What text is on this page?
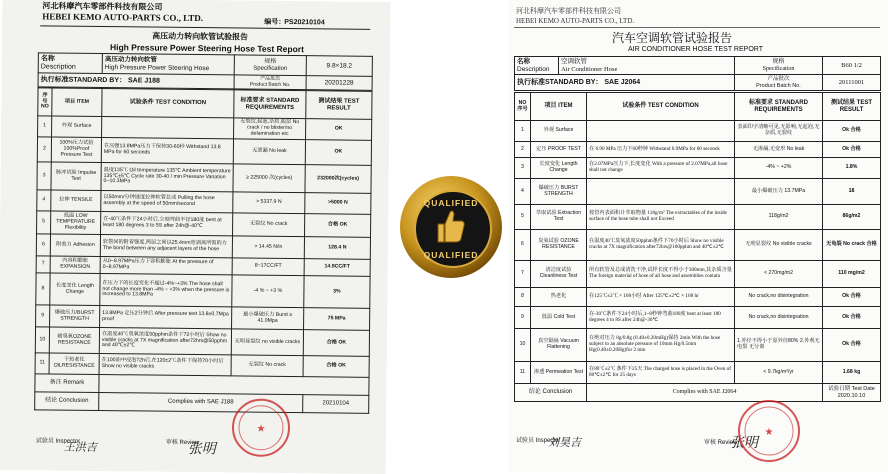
河北科摩汽车零部件科技有限公司
HEBEI KEMO AUTO-PARTS CO., LTD.	编号：
PS20210104
高压动力转向软管试验报告
High Pressure Power Steering Hose Test Report
名称
Description	高压动力转向软管
High Pressure Power Steering Hose	规格
Specification	9.8×18.2
执行标准STANDARD BY： SAE J188		产品批次
Product Batch No.	20201228
序号 NO	项目 ITEM	试验条件 TEST CONDITION	标准要求 STANDARD REQUIREMENTS	测试结果 TEST RESULT
1	外观 Surface		无裂纹,起泡,杂质,脱层 No crack / no blister/no delamination etc	OK
2	100%压力试验 100%Proof Pressure Test	在压强13.8MPa压力下保持30-60秒 Withstand 13.8 MPa for 60 seconds	无泄漏 No leak	OK
3	脉冲试验 Impulse Test	温度135℃ Oil temperature 135℃ Ambient temperature 135℃±5℃ Cycle rate 30-40 / min Pressure Variation 0~10.3MPa	≥ 225000 次(cycles)	232000次(cycles)
4	拉伸 TENSILE	以50mm/分钟速度拉伸软管总成 Pulling the hose assembly at the speed of 50mm/second	> 5337.9 N	>5000 N
5	低温 LOW TEMPERATURE Flexibility	在-40℃条件下24小时后,立刻弯曲半径180度 bent at least 180 degrees 3 to 5S after 24h@-40℃	无裂纹 No crack	合格 OK
6	附着力 Adhesion	软管间的附着强度,两层之间以25.4mm宽剥离所需的力 The bond between any adjacent layers of the hose	> 14.45 N/in	128.4 N
7	内容积膨胀 EXPANSION	从0~8.97MPa压力下容积膨胀 At the pressure of 0~8.97MPa	8~17CC/FT	14.9CC/FT
8	长度变化 Length Change	在压力下的长度变化不超过-4%~+3% The hose shall not change more than -4% ~ +3% when the pressure is increased to 13.8MPa	-4 % ~ +3 %	3%
9	爆破压力/BURST STRENGTH	13.8MPa 定压2分钟后 After pressure test 13.8±0.7Mpa proof	最小爆破压力 Burst ≥ 41.0Mpa	75 MPa
10	耐臭氧OZONE RESISTANCE	在温度40℃臭氧浓度50pphm条件下72小时后 Show no visible cracks at 7X magnification after72hrs@50pphm and 40℃±2℃	无明显裂纹 no visible cracks	合格 OK
11	干热老化 OILRESISTANCE	在100油中浸泡72h后,在120±2℃条件下保持70小时后 Show no visible cracks	无裂纹 No crack	合格 OK
备注 Remark				
结论 Conclusion		Complies with SAE J188		20210104
试验员 Inspector
王洪吉	审核 Review
张明
★
QUALIFIED
QUALIFIED
河北科摩汽车零部件科技有限公司
HEBEI KEMO AUTO-PARTS CO., LTD.
汽车空调软管试验报告
AIR CONDITIONER HOSE TEST REPORT
名称
Description	空调软管
Air Conditioner Hose	规格
Specification	B60 1/2
执行标准STANDARD BY： SAE J2064		产品批次
Product Batch No.	20111001
NO 序号	项目 ITEM	试验条件 TEST CONDITION	标准要求 STANDARD REQUIREMENTS	测试结果 TEST RESULT
1	外观 Surface		表面印字清晰可见,无影响,无起泡,无杂质,无裂纹	Ok 合格
2	定压 PROOF TEST	在 6.90 MPa 压力下60秒钟 Withstand 6.9MPa for 60 seconds	无渗漏,无变形 No leak	Ok 合格
3	长度变化 Length Change	在2.07MPa压力下,长度变化 With a pressure of 2.07MPa,all hose shall not change	-4% ~ +2%	1.8%
4	爆破压力 BURST STRENGTH		最小爆破压力 13.7MPa	18
5	萃取试验 Extraction Test	按管内表面积计萃取物量 118g/m² The extractables of the inside surface of the hose tube shall not Exceed	118g/m2	86g/m2
6	臭氧试验 OZONE RESISTANCE	在温度40℃臭氧浓度50pphm条件下70小时后 Show no visible cracks at 7X magnification after72hrs@100pphm and 40℃±2℃	无明显裂纹 No visible cracks	无龟裂 No crack 合格
7	清洁度试验 Cleanliness Test	所有软管及总成清洗干净,试样长度不得小于300mm,其杂质含量 The foreign material of hose of all hose and assemblies contain	< 270mg/m2	110 mg/m2
8	热老化	在125℃±2℃ × 168小时 After 125℃±2℃ × 168 hr	No crack,no disintegration	Ok 合格
9	低温 Cold Test	在-30℃条件下24小时后,1~8秒钟弯曲180度 bent at least 180 degrees 4 to 8S after 24h@-30℃	No crack,no disintegration	Ok 合格
10	真空隔扁 Vacuum Flattening	在绝对压力 8g/0.8g (0.40±0.20mHg)保持 2min With the hose subject to an absolute pressure of 10mm Hg/0.5mm Hg(0.40±0.20Hg)for 2 min	1.外径不得小于原外径80% 2.外观无电裂 无分离	Ok 合格
11	渗透 Permeation Test	在80℃±2℃ 条件下25天 The charged hose is placed in the Oven of 80℃±2℃ for 25 days	< 9.7kg/m²/yr	1.68 kg
结论 Conclusion		Complies with SAE J2064		试验日期 Test Date
2020.10.10
试验员 Inspector
刘昊吉	审核 Review
张明
★
